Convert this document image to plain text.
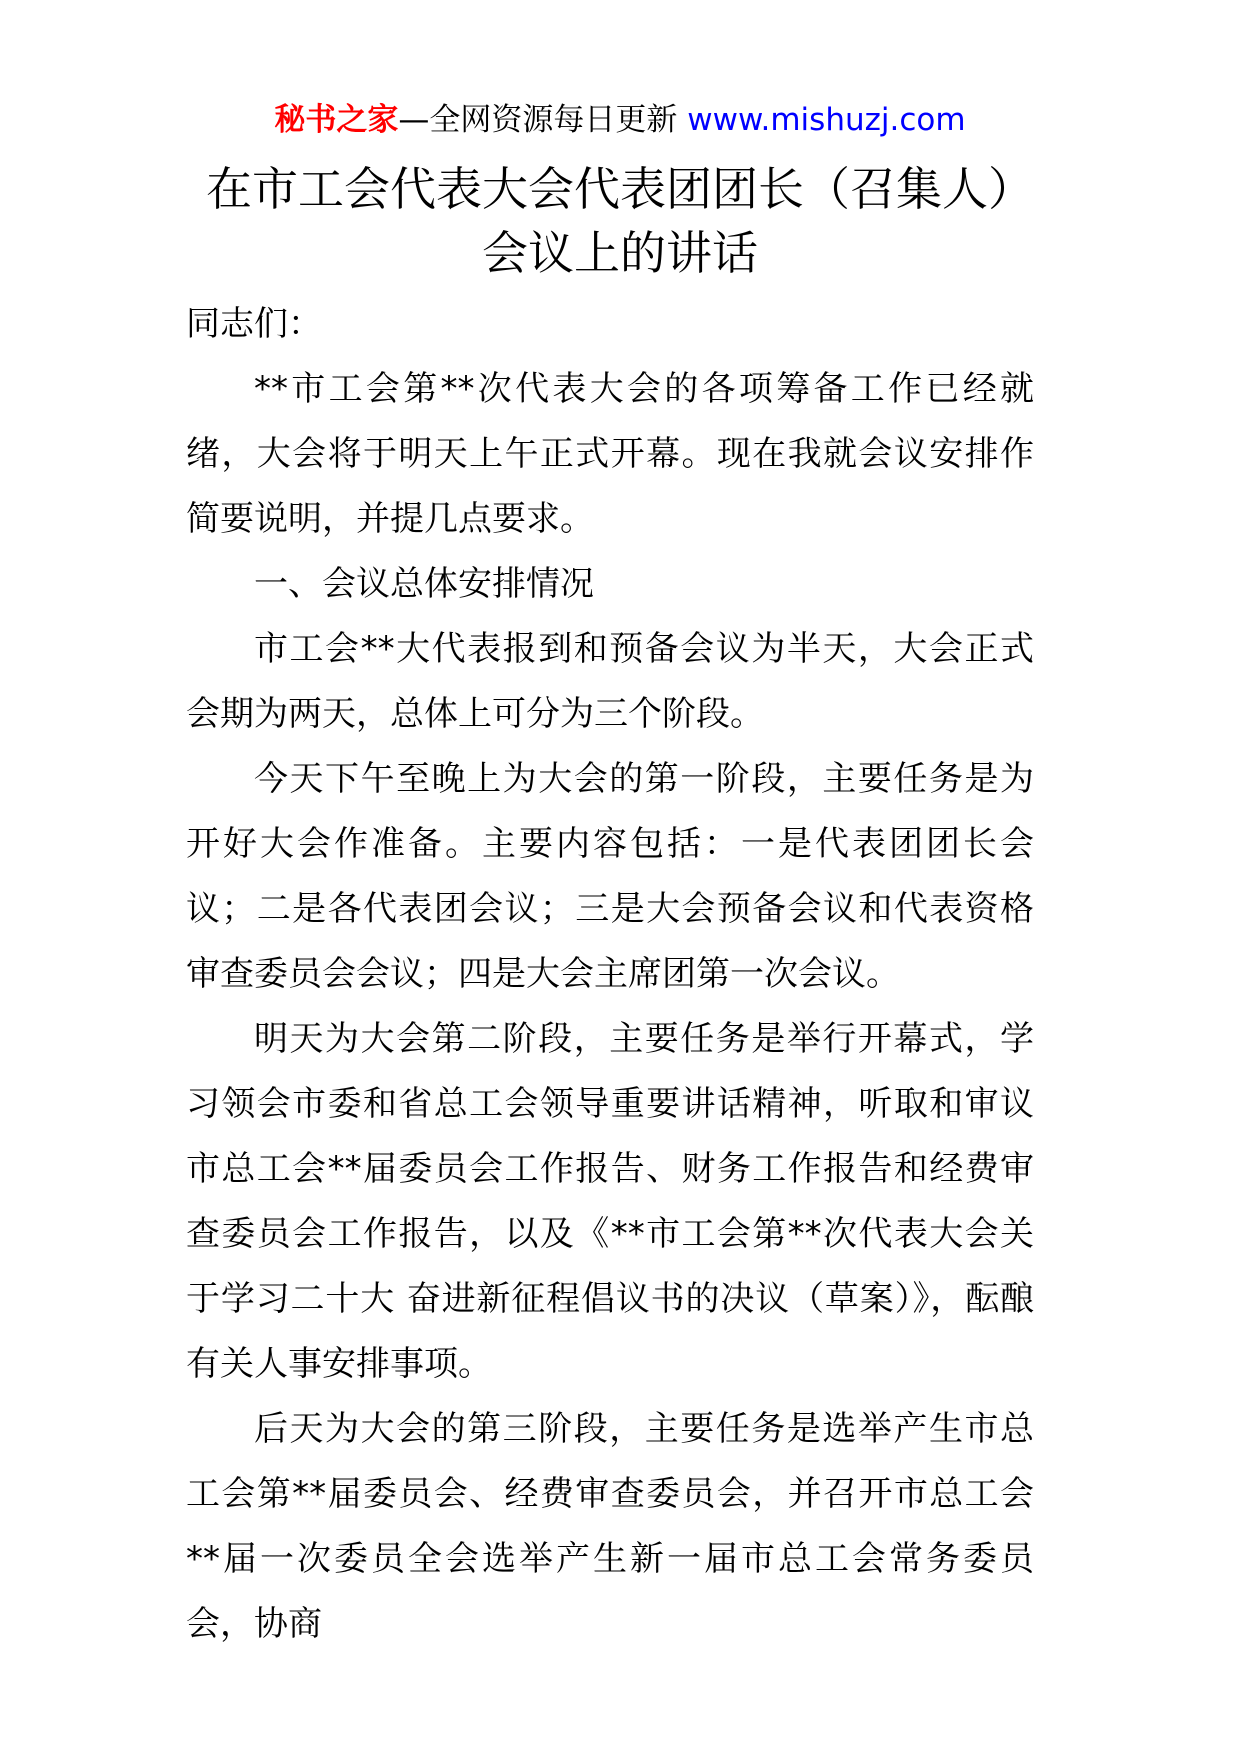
秘书之家—全网资源每日更新 www.mishuzj.com
在市工会代表大会代表团团长（召集人）
会议上的讲话

同志们：

**市工会第**次代表大会的各项筹备工作已经就绪，大会将于明天上午正式开幕。现在我就会议安排作简要说明，并提几点要求。

一、会议总体安排情况

市工会**大代表报到和预备会议为半天，大会正式会期为两天，总体上可分为三个阶段。

今天下午至晚上为大会的第一阶段，主要任务是为开好大会作准备。主要内容包括：一是代表团团长会议；二是各代表团会议；三是大会预备会议和代表资格审查委员会会议；四是大会主席团第一次会议。

明天为大会第二阶段，主要任务是举行开幕式，学习领会市委和省总工会领导重要讲话精神，听取和审议市总工会**届委员会工作报告、财务工作报告和经费审查委员会工作报告，以及《**市工会第**次代表大会关于学习二十大 奋进新征程倡议书的决议（草案）》，酝酿有关人事安排事项。

后天为大会的第三阶段，主要任务是选举产生市总工会第**届委员会、经费审查委员会，并召开市总工会**届一次委员全会选举产生新一届市总工会常务委员会，协商
